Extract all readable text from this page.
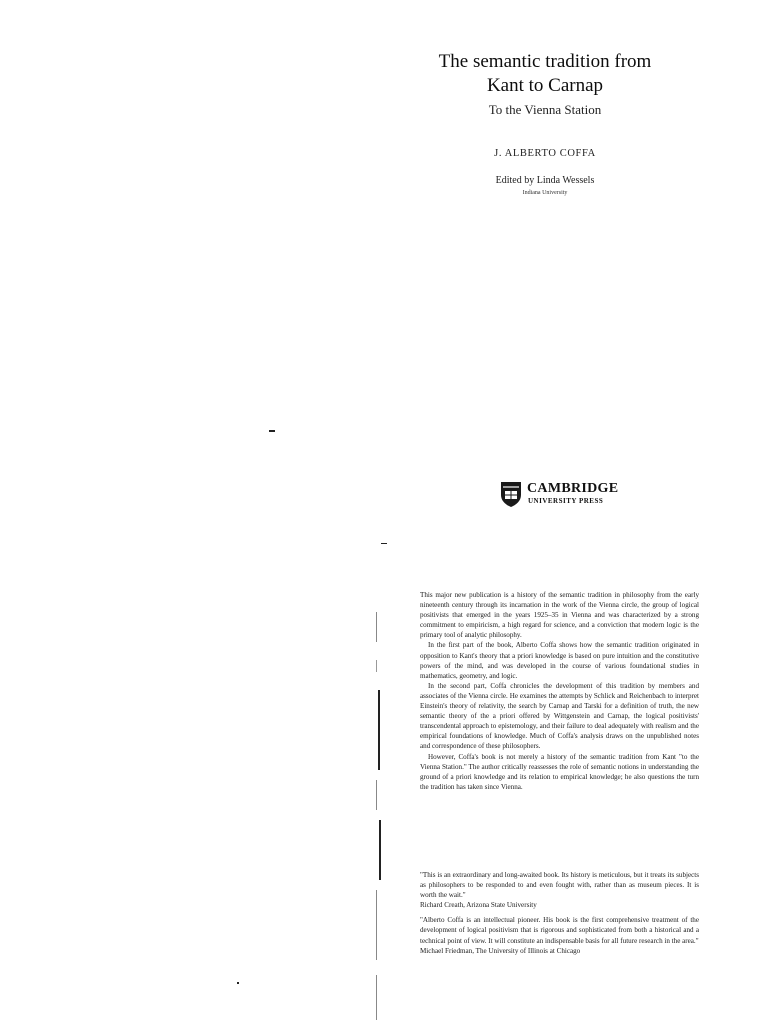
The semantic tradition from
Kant to Carnap
To the Vienna Station
J. ALBERTO COFFA
Edited by Linda Wessels
Indiana University
CAMBRIDGE
UNIVERSITY PRESS

This major new publication is a history of the semantic tradition in philosophy from the early nineteenth century through its incarnation in the work of the Vienna circle, the group of logical positivists that emerged in the years 1925–35 in Vienna and was characterized by a strong commitment to empiricism, a high regard for science, and a conviction that modern logic is the primary tool of analytic philosophy.

In the first part of the book, Alberto Coffa shows how the semantic tradition originated in opposition to Kant's theory that a priori knowledge is based on pure intuition and the constitutive powers of the mind, and was developed in the course of various foundational studies in mathematics, geometry, and logic.

In the second part, Coffa chronicles the development of this tradition by members and associates of the Vienna circle. He examines the attempts by Schlick and Reichenbach to interpret Einstein's theory of relativity, the search by Carnap and Tarski for a definition of truth, the new semantic theory of the a priori offered by Wittgenstein and Carnap, the logical positivists' transcendental approach to epistemology, and their failure to deal adequately with realism and the empirical foundations of knowledge. Much of Coffa's analysis draws on the unpublished notes and correspondence of these philosophers.

However, Coffa's book is not merely a history of the semantic tradition from Kant "to the Vienna Station." The author critically reassesses the role of semantic notions in understanding the ground of a priori knowledge and its relation to empirical knowledge; he also questions the turn the tradition has taken since Vienna.

"This is an extraordinary and long-awaited book. Its history is meticulous, but it treats its subjects as philosophers to be responded to and even fought with, rather than as museum pieces. It is worth the wait."
Richard Creath, Arizona State University
"Alberto Coffa is an intellectual pioneer. His book is the first comprehensive treatment of the development of logical positivism that is rigorous and sophisticated from both a historical and a technical point of view. It will constitute an indispensable basis for all future research in the area."
Michael Friedman, The University of Illinois at Chicago
